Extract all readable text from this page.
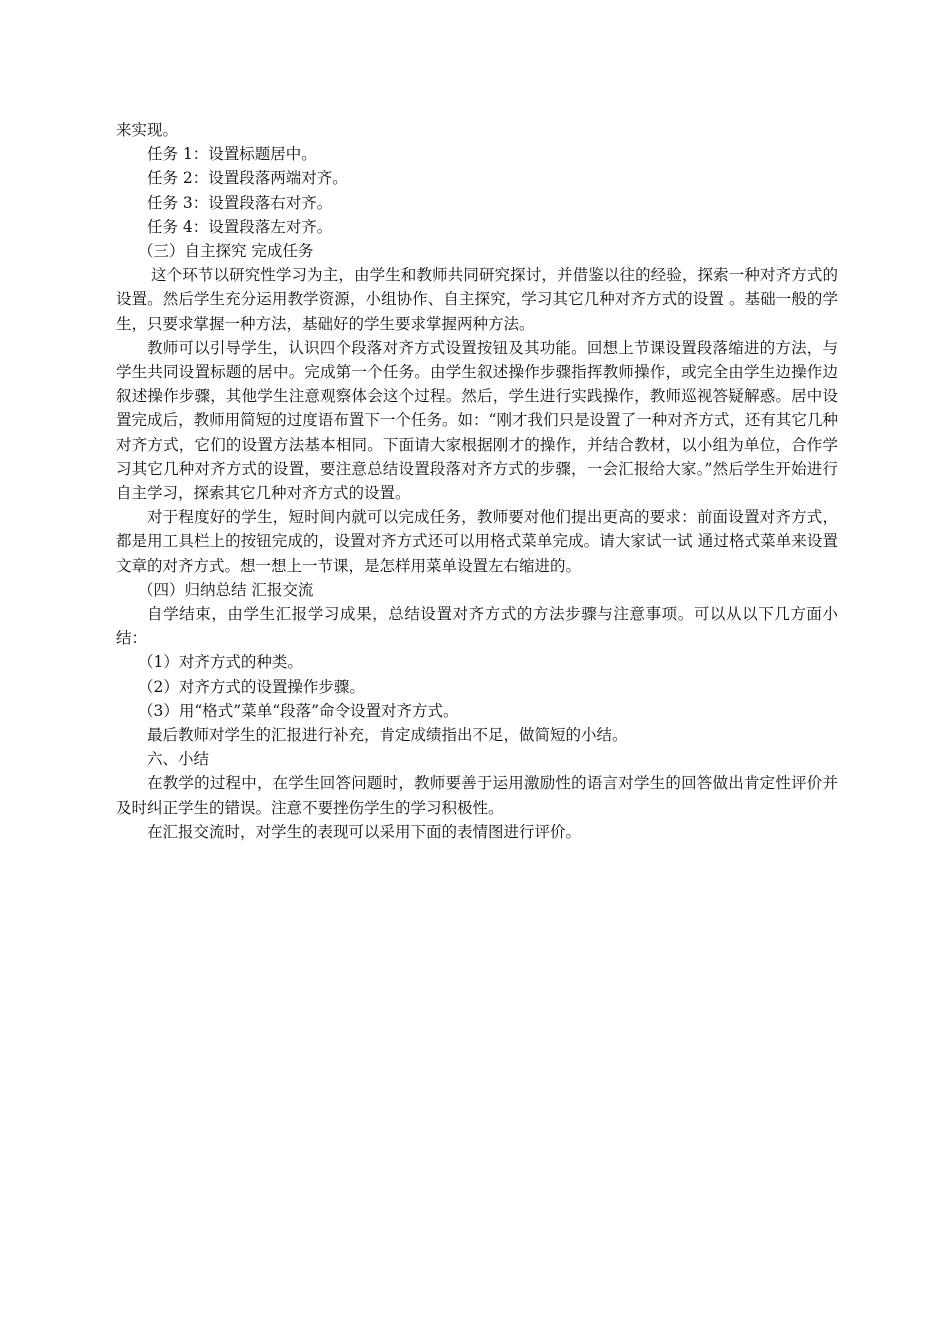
来实现。

任务 1：设置标题居中。

任务 2：设置段落两端对齐。

任务 3：设置段落右对齐。

任务 4：设置段落左对齐。

（三）自主探究 完成任务

这个环节以研究性学习为主，由学生和教师共同研究探讨，并借鉴以往的经验，探索一种对齐方式的设置。然后学生充分运用教学资源，小组协作、自主探究，学习其它几种对齐方式的设置 。基础一般的学生，只要求掌握一种方法，基础好的学生要求掌握两种方法。

教师可以引导学生，认识四个段落对齐方式设置按钮及其功能。回想上节课设置段落缩进的方法，与学生共同设置标题的居中。完成第一个任务。由学生叙述操作步骤指挥教师操作，或完全由学生边操作边叙述操作步骤，其他学生注意观察体会这个过程。然后，学生进行实践操作，教师巡视答疑解惑。居中设置完成后，教师用简短的过度语布置下一个任务。如：“刚才我们只是设置了一种对齐方式，还有其它几种对齐方式，它们的设置方法基本相同。下面请大家根据刚才的操作，并结合教材，以小组为单位，合作学习其它几种对齐方式的设置，要注意总结设置段落对齐方式的步骤，一会汇报给大家。”然后学生开始进行自主学习，探索其它几种对齐方式的设置。

对于程度好的学生，短时间内就可以完成任务，教师要对他们提出更高的要求：前面设置对齐方式，都是用工具栏上的按钮完成的，设置对齐方式还可以用格式菜单完成。请大家试一试 通过格式菜单来设置文章的对齐方式。想一想上一节课，是怎样用菜单设置左右缩进的。

（四）归纳总结 汇报交流

自学结束，由学生汇报学习成果，总结设置对齐方式的方法步骤与注意事项。可以从以下几方面小结：

（1）对齐方式的种类。

（2）对齐方式的设置操作步骤。

（3）用“格式”菜单“段落”命令设置对齐方式。

最后教师对学生的汇报进行补充，肯定成绩指出不足，做简短的小结。

六、小结

在教学的过程中，在学生回答问题时，教师要善于运用激励性的语言对学生的回答做出肯定性评价并及时纠正学生的错误。注意不要挫伤学生的学习积极性。

在汇报交流时，对学生的表现可以采用下面的表情图进行评价。
